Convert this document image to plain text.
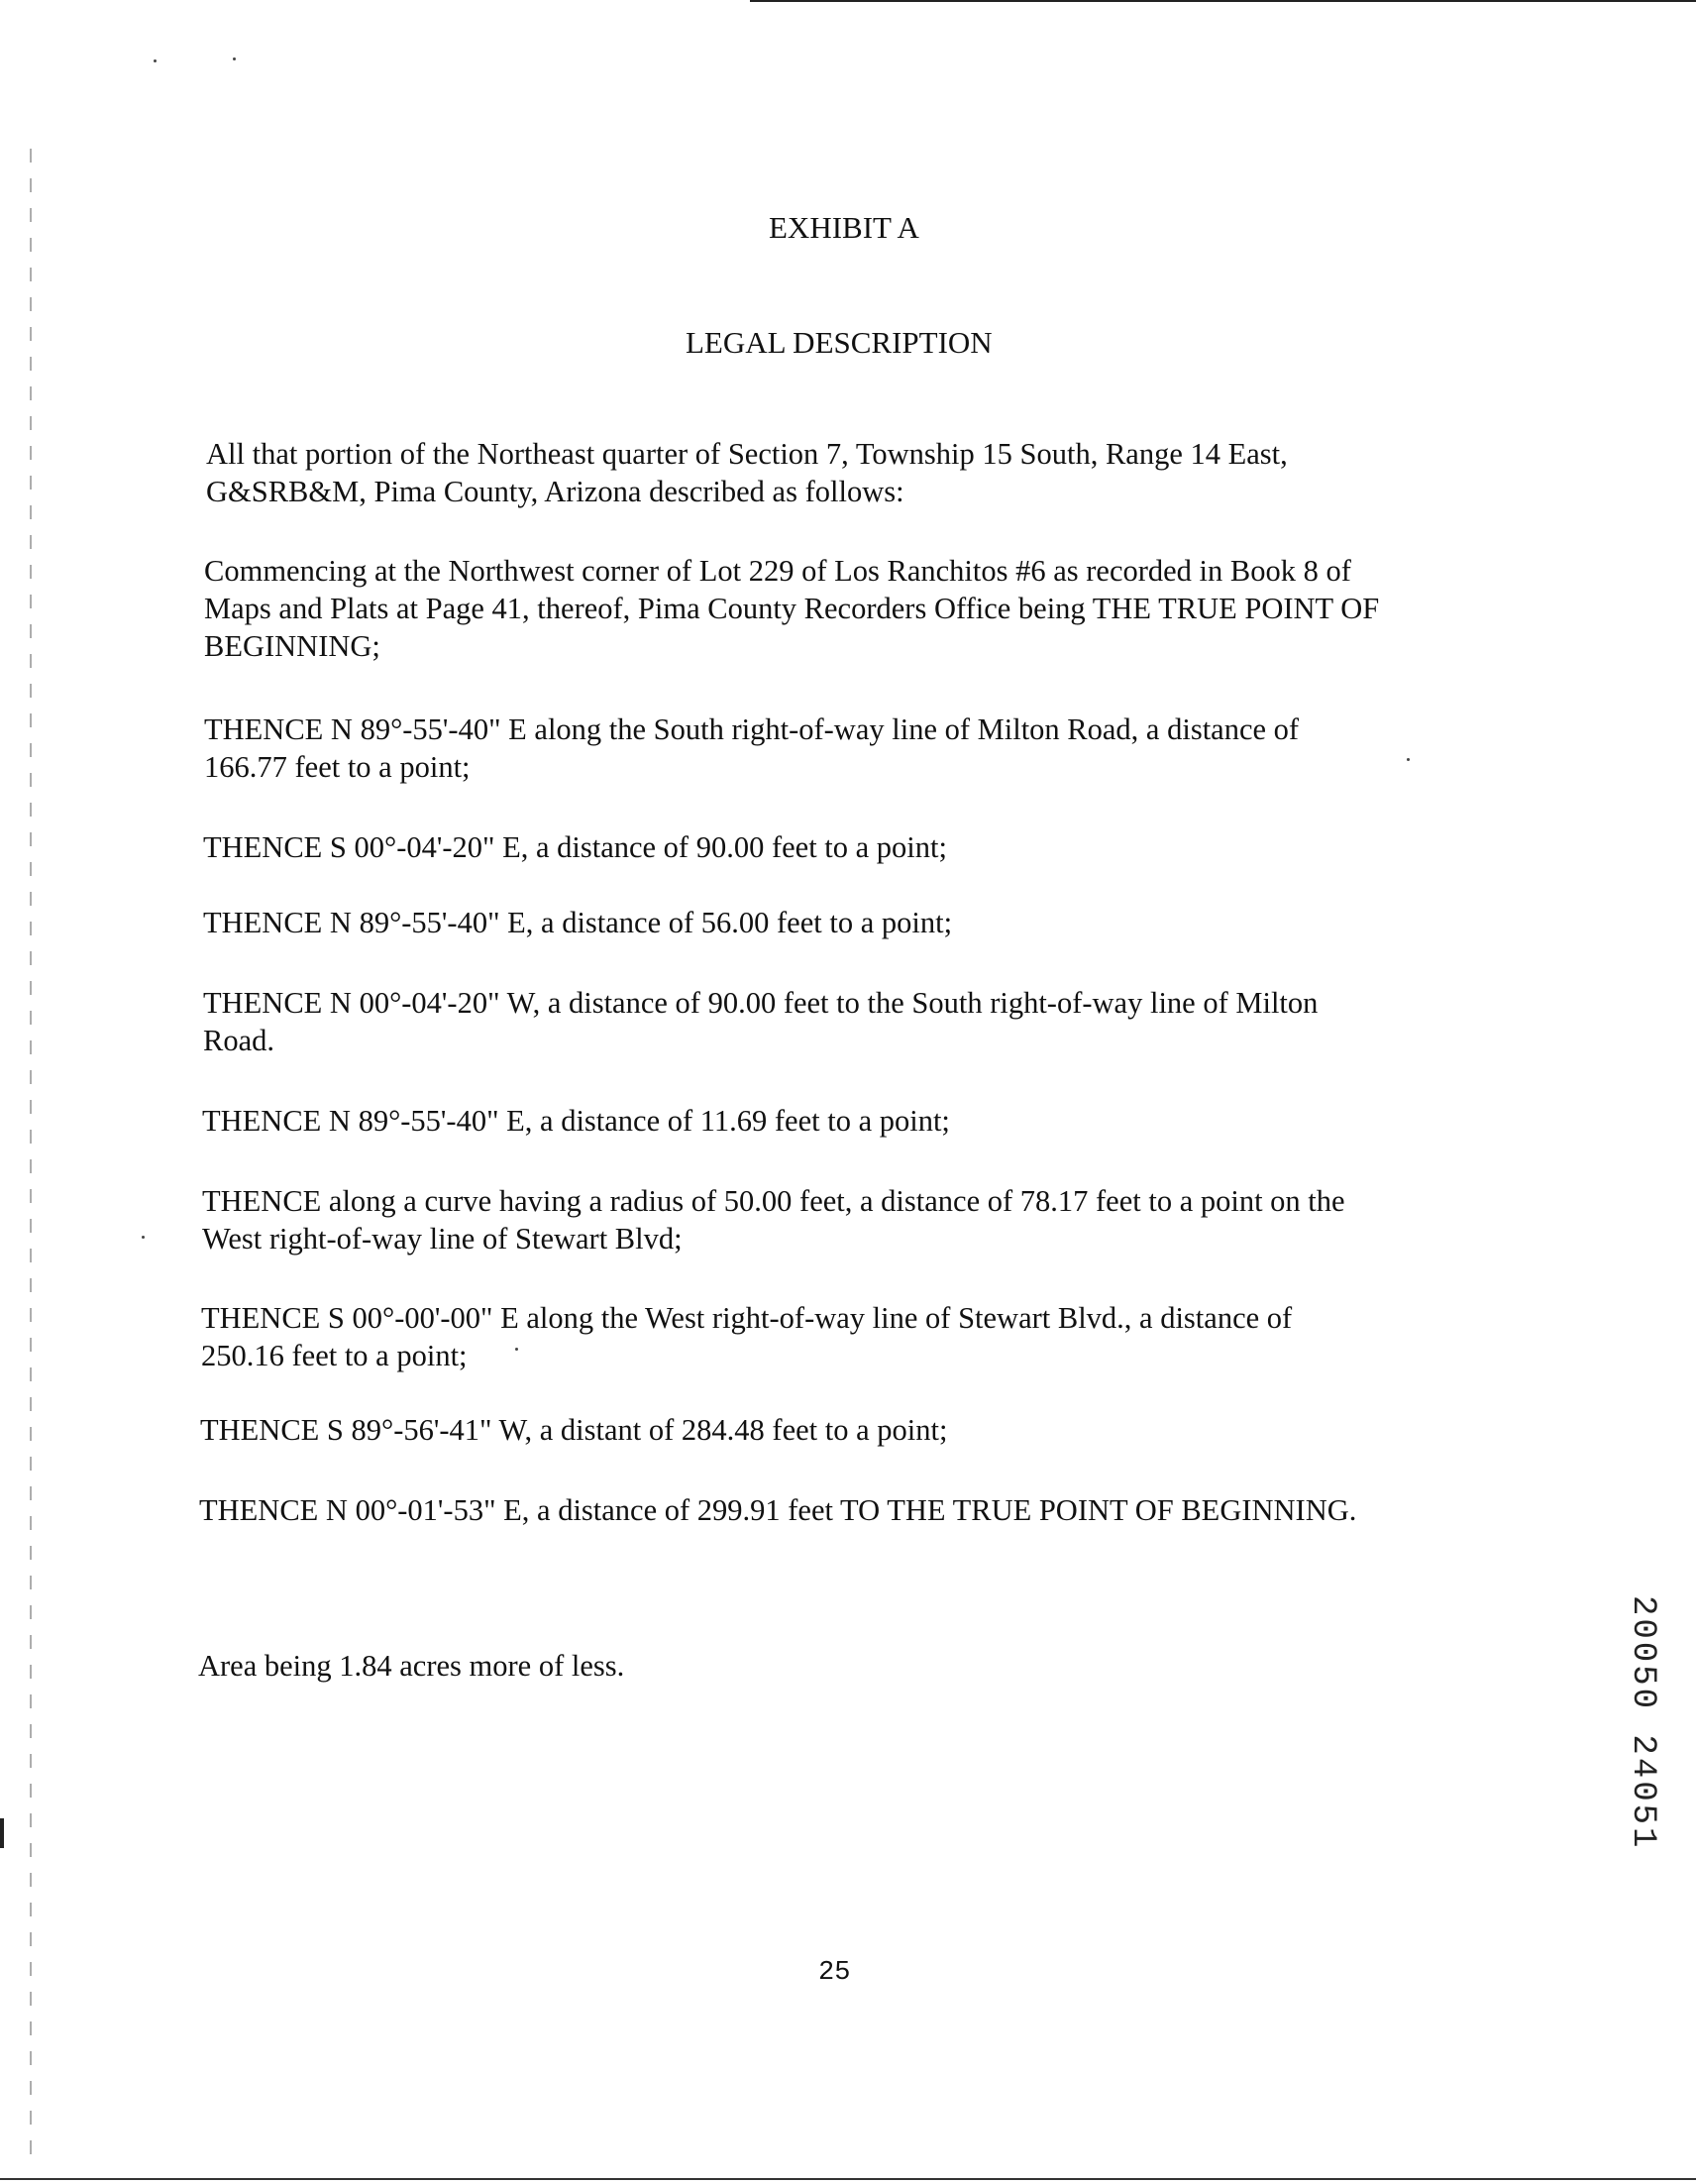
EXHIBIT A
LEGAL DESCRIPTION
All that portion of the Northeast quarter of Section 7, Township 15 South, Range 14 East,
G&SRB&M, Pima County, Arizona described as follows:
Commencing at the Northwest corner of Lot 229 of Los Ranchitos #6 as recorded in Book 8 of
Maps and Plats at Page 41, thereof, Pima County Recorders Office being THE TRUE POINT OF
BEGINNING;
THENCE N 89°-55'-40" E along the South right-of-way line of Milton Road, a distance of
166.77 feet to a point;
THENCE S 00°-04'-20" E, a distance of 90.00 feet to a point;
THENCE N 89°-55'-40" E, a distance of 56.00 feet to a point;
THENCE N 00°-04'-20" W, a distance of 90.00 feet to the South right-of-way line of Milton
Road.
THENCE N 89°-55'-40" E, a distance of 11.69 feet to a point;
THENCE along a curve having a radius of 50.00 feet, a distance of 78.17 feet to a point on the
West right-of-way line of Stewart Blvd;
THENCE S 00°-00'-00" E along the West right-of-way line of Stewart Blvd., a distance of
250.16 feet to a point;
THENCE S 89°-56'-41" W, a distant of 284.48 feet to a point;
THENCE N 00°-01'-53" E, a distance of 299.91 feet TO THE TRUE POINT OF BEGINNING.
Area being 1.84 acres more of less.
25
20050 24051
